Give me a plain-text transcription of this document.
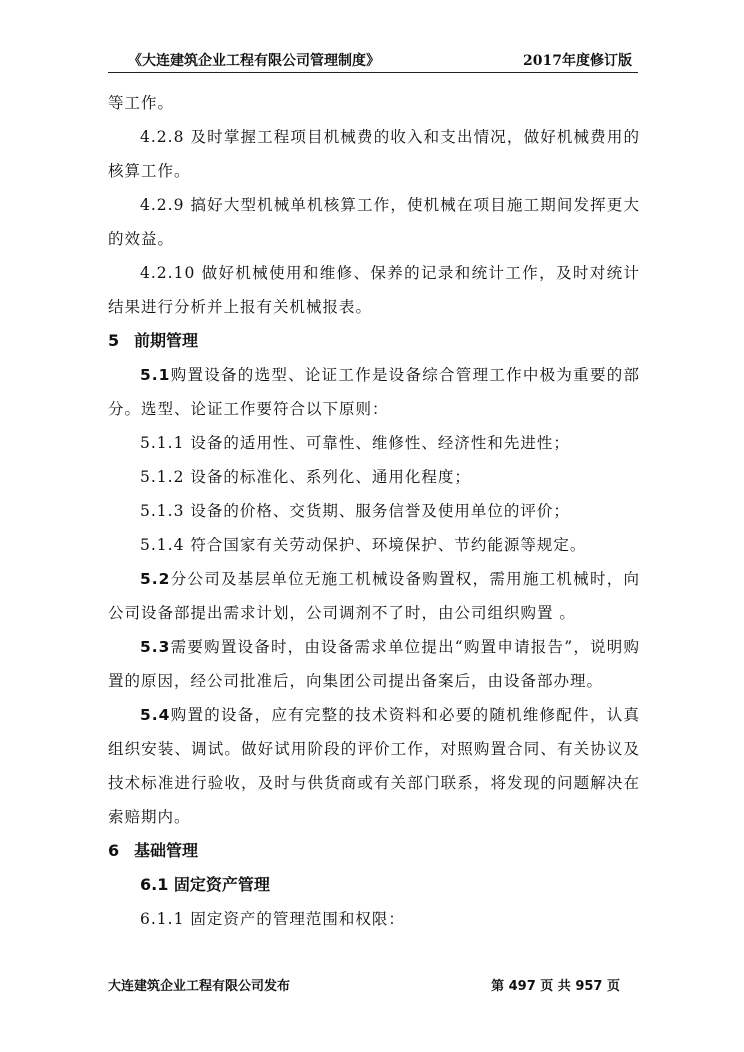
《大连建筑企业工程有限公司管理制度》	2017年度修订版

等工作。

4.2.8 及时掌握工程项目机械费的收入和支出情况，做好机械费用的核算工作。

4.2.9 搞好大型机械单机核算工作，使机械在项目施工期间发挥更大的效益。

4.2.10 做好机械使用和维修、保养的记录和统计工作，及时对统计结果进行分析并上报有关机械报表。

5 前期管理

5.1购置设备的选型、论证工作是设备综合管理工作中极为重要的部分。选型、论证工作要符合以下原则：

5.1.1 设备的适用性、可靠性、维修性、经济性和先进性；

5.1.2 设备的标准化、系列化、通用化程度；

5.1.3 设备的价格、交货期、服务信誉及使用单位的评价；

5.1.4 符合国家有关劳动保护、环境保护、节约能源等规定。

5.2分公司及基层单位无施工机械设备购置权，需用施工机械时，向公司设备部提出需求计划，公司调剂不了时，由公司组织购置 。

5.3需要购置设备时，由设备需求单位提出“购置申请报告”，说明购置的原因，经公司批准后，向集团公司提出备案后，由设备部办理。

5.4购置的设备，应有完整的技术资料和必要的随机维修配件，认真组织安装、调试。做好试用阶段的评价工作，对照购置合同、有关协议及技术标准进行验收，及时与供货商或有关部门联系，将发现的问题解决在索赔期内。

6 基础管理

6.1 固定资产管理

6.1.1 固定资产的管理范围和权限：

大连建筑企业工程有限公司发布	第 497 页 共 957 页
